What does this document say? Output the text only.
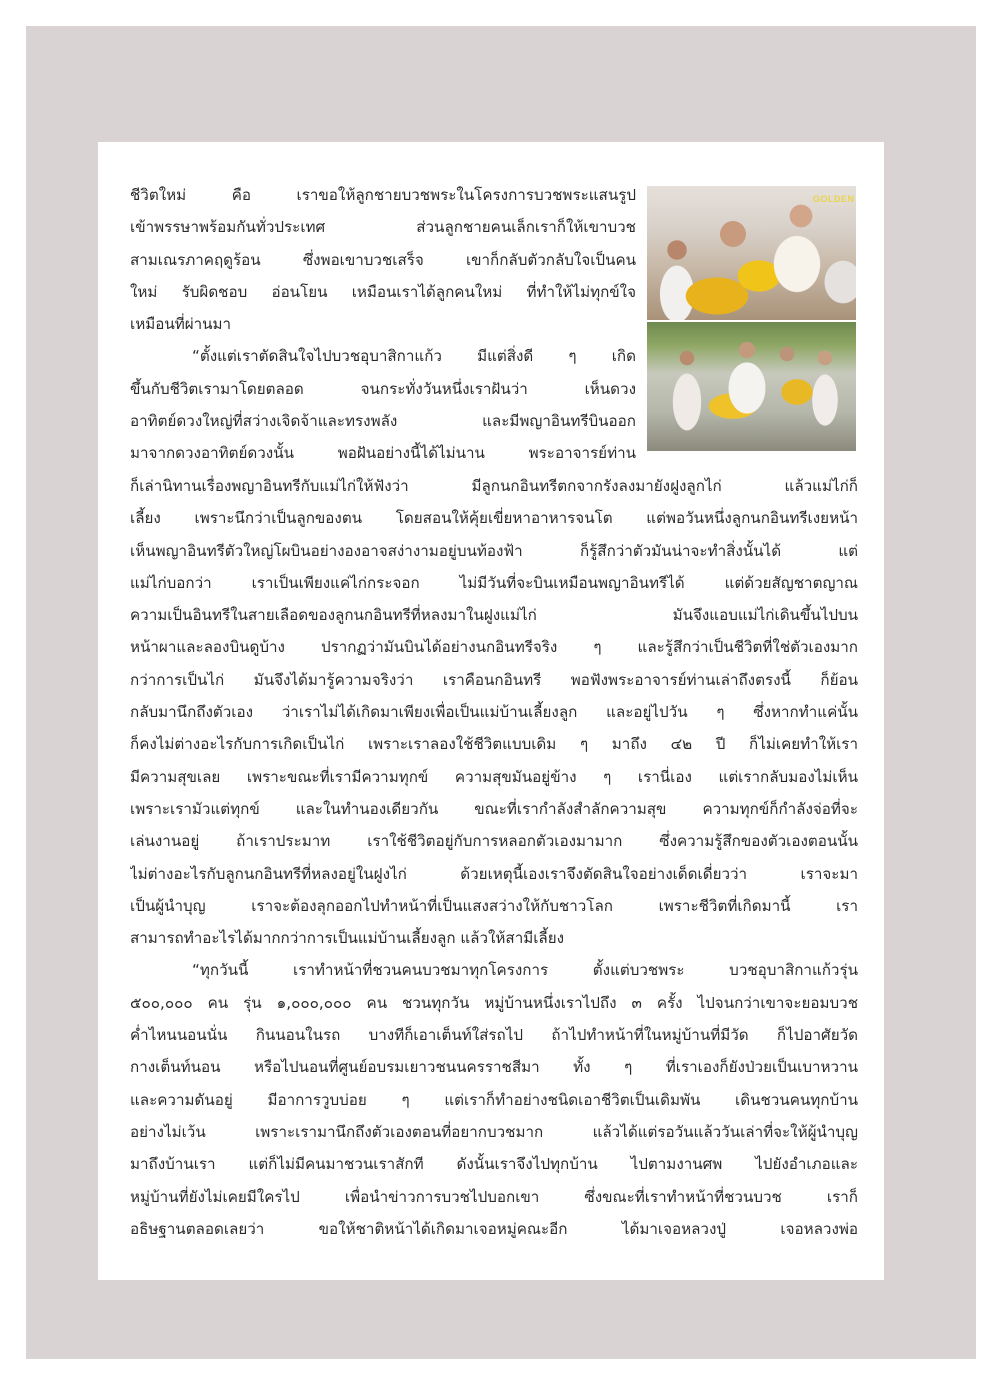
ชีวิตใหม่ คือ เราขอให้ลูกชายบวชพระในโครงการบวชพระแสนรูป
เข้าพรรษาพร้อมกันทั่วประเทศ ส่วนลูกชายคนเล็กเราก็ให้เขาบวช
สามเณรภาคฤดูร้อน ซึ่งพอเขาบวชเสร็จ เขาก็กลับตัวกลับใจเป็นคน
ใหม่ รับผิดชอบ อ่อนโยน เหมือนเราได้ลูกคนใหม่ ที่ทำให้ไม่ทุกข์ใจ
เหมือนที่ผ่านมา
“ตั้งแต่เราตัดสินใจไปบวชอุบาสิกาแก้ว มีแต่สิ่งดี ๆ เกิด
ขึ้นกับชีวิตเรามาโดยตลอด จนกระทั่งวันหนึ่งเราฝันว่า เห็นดวง
อาทิตย์ดวงใหญ่ที่สว่างเจิดจ้าและทรงพลัง และมีพญาอินทรีบินออก
มาจากดวงอาทิตย์ดวงนั้น พอฝันอย่างนี้ได้ไม่นาน พระอาจารย์ท่าน
GOLDEN
ก็เล่านิทานเรื่องพญาอินทรีกับแม่ไก่ให้ฟังว่า มีลูกนกอินทรีตกจากรังลงมายังฝูงลูกไก่ แล้วแม่ไก่ก็
เลี้ยง เพราะนึกว่าเป็นลูกของตน โดยสอนให้คุ้ยเขี่ยหาอาหารจนโต แต่พอวันหนึ่งลูกนกอินทรีเงยหน้า
เห็นพญาอินทรีตัวใหญ่โผบินอย่างองอาจสง่างามอยู่บนท้องฟ้า ก็รู้สึกว่าตัวมันน่าจะทำสิ่งนั้นได้ แต่
แม่ไก่บอกว่า เราเป็นเพียงแค่ไก่กระจอก ไม่มีวันที่จะบินเหมือนพญาอินทรีได้ แต่ด้วยสัญชาตญาณ
ความเป็นอินทรีในสายเลือดของลูกนกอินทรีที่หลงมาในฝูงแม่ไก่ มันจึงแอบแม่ไก่เดินขึ้นไปบน
หน้าผาและลองบินดูบ้าง ปรากฏว่ามันบินได้อย่างนกอินทรีจริง ๆ และรู้สึกว่าเป็นชีวิตที่ใช่ตัวเองมาก
กว่าการเป็นไก่ มันจึงได้มารู้ความจริงว่า เราคือนกอินทรี พอฟังพระอาจารย์ท่านเล่าถึงตรงนี้ ก็ย้อน
กลับมานึกถึงตัวเอง ว่าเราไม่ได้เกิดมาเพียงเพื่อเป็นแม่บ้านเลี้ยงลูก และอยู่ไปวัน ๆ ซึ่งหากทำแค่นั้น
ก็คงไม่ต่างอะไรกับการเกิดเป็นไก่ เพราะเราลองใช้ชีวิตแบบเดิม ๆ มาถึง ๔๒ ปี ก็ไม่เคยทำให้เรา
มีความสุขเลย เพราะขณะที่เรามีความทุกข์ ความสุขมันอยู่ข้าง ๆ เรานี่เอง แต่เรากลับมองไม่เห็น
เพราะเรามัวแต่ทุกข์ และในทำนองเดียวกัน ขณะที่เรากำลังสำลักความสุข ความทุกข์ก็กำลังจ่อที่จะ
เล่นงานอยู่ ถ้าเราประมาท เราใช้ชีวิตอยู่กับการหลอกตัวเองมามาก ซึ่งความรู้สึกของตัวเองตอนนั้น
ไม่ต่างอะไรกับลูกนกอินทรีที่หลงอยู่ในฝูงไก่ ด้วยเหตุนี้เองเราจึงตัดสินใจอย่างเด็ดเดี่ยวว่า เราจะมา
เป็นผู้นำบุญ เราจะต้องลุกออกไปทำหน้าที่เป็นแสงสว่างให้กับชาวโลก เพราะชีวิตที่เกิดมานี้ เรา
สามารถทำอะไรได้มากกว่าการเป็นแม่บ้านเลี้ยงลูก แล้วให้สามีเลี้ยง
“ทุกวันนี้ เราทำหน้าที่ชวนคนบวชมาทุกโครงการ ตั้งแต่บวชพระ บวชอุบาสิกาแก้วรุ่น
๕๐๐,๐๐๐ คน รุ่น ๑,๐๐๐,๐๐๐ คน ชวนทุกวัน หมู่บ้านหนึ่งเราไปถึง ๓ ครั้ง ไปจนกว่าเขาจะยอมบวช
ค่ำไหนนอนนั่น กินนอนในรถ บางทีก็เอาเต็นท์ใส่รถไป ถ้าไปทำหน้าที่ในหมู่บ้านที่มีวัด ก็ไปอาศัยวัด
กางเต็นท์นอน หรือไปนอนที่ศูนย์อบรมเยาวชนนครราชสีมา ทั้ง ๆ ที่เราเองก็ยังป่วยเป็นเบาหวาน
และความดันอยู่ มีอาการวูบบ่อย ๆ แต่เราก็ทำอย่างชนิดเอาชีวิตเป็นเดิมพัน เดินชวนคนทุกบ้าน
อย่างไม่เว้น เพราะเรามานึกถึงตัวเองตอนที่อยากบวชมาก แล้วได้แต่รอวันแล้ววันเล่าที่จะให้ผู้นำบุญ
มาถึงบ้านเรา แต่ก็ไม่มีคนมาชวนเราสักที ดังนั้นเราจึงไปทุกบ้าน ไปตามงานศพ ไปยังอำเภอและ
หมู่บ้านที่ยังไม่เคยมีใครไป เพื่อนำข่าวการบวชไปบอกเขา ซึ่งขณะที่เราทำหน้าที่ชวนบวช เราก็
อธิษฐานตลอดเลยว่า ขอให้ชาติหน้าได้เกิดมาเจอหมู่คณะอีก ได้มาเจอหลวงปู่ เจอหลวงพ่อ
